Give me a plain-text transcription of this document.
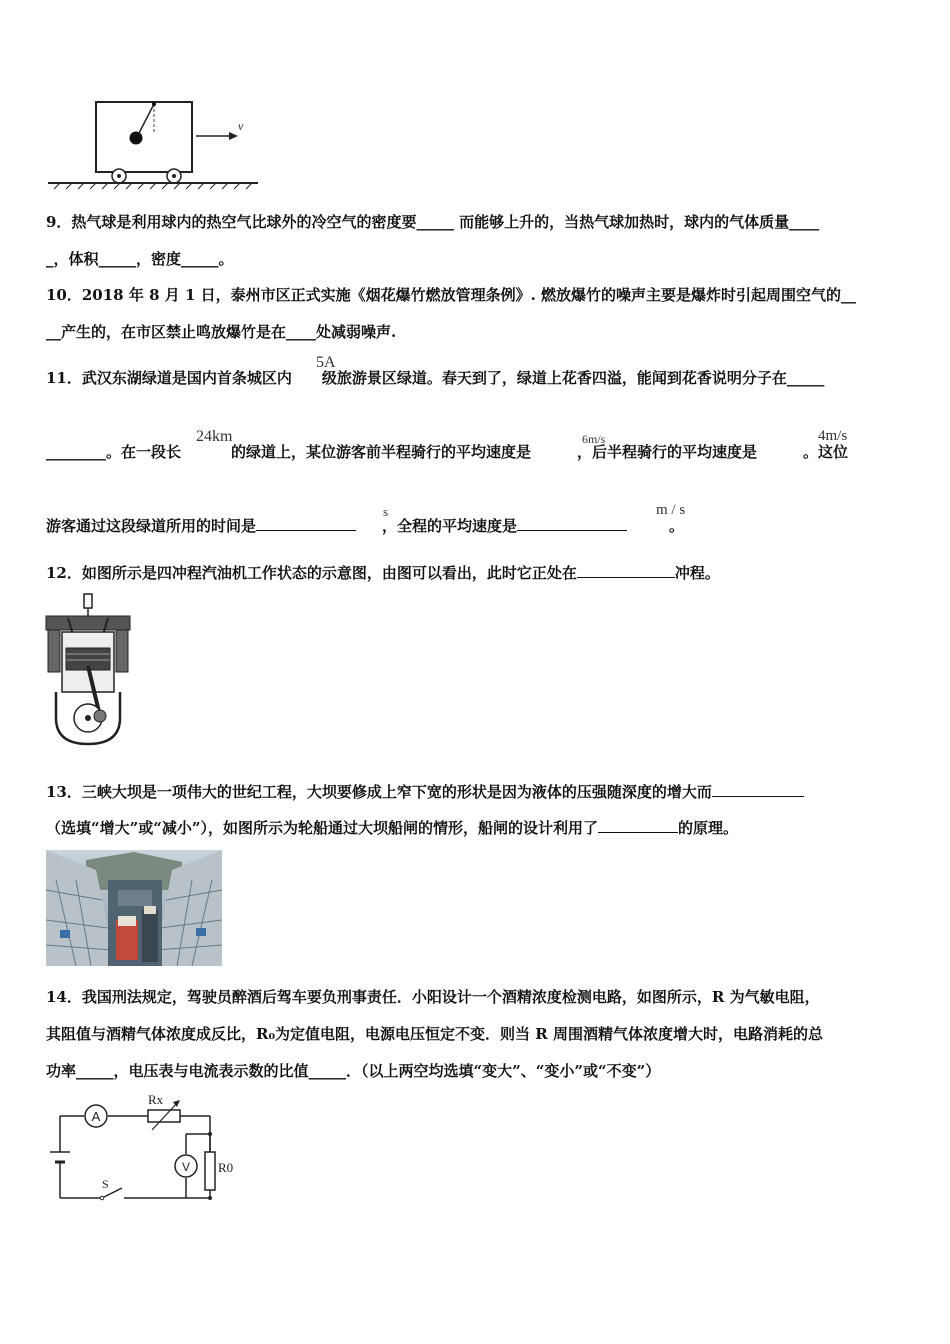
v
9．热气球是利用球内的热空气比球外的冷空气的密度要_____ 而能够上升的，当热气球加热时，球内的气体质量____
_，体积_____，密度_____。
10．2018 年 8 月 1 日，泰州市区正式实施《烟花爆竹燃放管理条例》. 燃放爆竹的噪声主要是爆炸时引起周围空气的__
__产生的，在市区禁止鸣放爆竹是在____处减弱噪声.
11．武汉东湖绿道是国内首条城区内 级旅游景区绿道。春天到了，绿道上花香四溢，能闻到花香说明分子在_____
5A
________。在一段长	的绿道上，某位游客前半程骑行的平均速度是	，后半程骑行的平均速度是	。这位
24km	6m/s	4m/s
游客通过这段绿道所用的时间是	，全程的平均速度是	。
s	m / s
12．如图所示是四冲程汽油机工作状态的示意图，由图可以看出，此时它正处在	冲程。
13．三峡大坝是一项伟大的世纪工程，大坝要修成上窄下宽的形状是因为液体的压强随深度的增大而
（选填“增大”或“减小”），如图所示为轮船通过大坝船闸的情形，船闸的设计利用了	的原理。
14．我国刑法规定，驾驶员醉酒后驾车要负刑事责任．小阳设计一个酒精浓度检测电路，如图所示，R 为气敏电阻，
其阻值与酒精气体浓度成反比，R₀为定值电阻，电源电压恒定不变．则当 R 周围酒精气体浓度增大时，电路消耗的总
功率_____，电压表与电流表示数的比值_____．（以上两空均选填“变大”、“变小”或“不变”）
A
Rx
V R0
S
